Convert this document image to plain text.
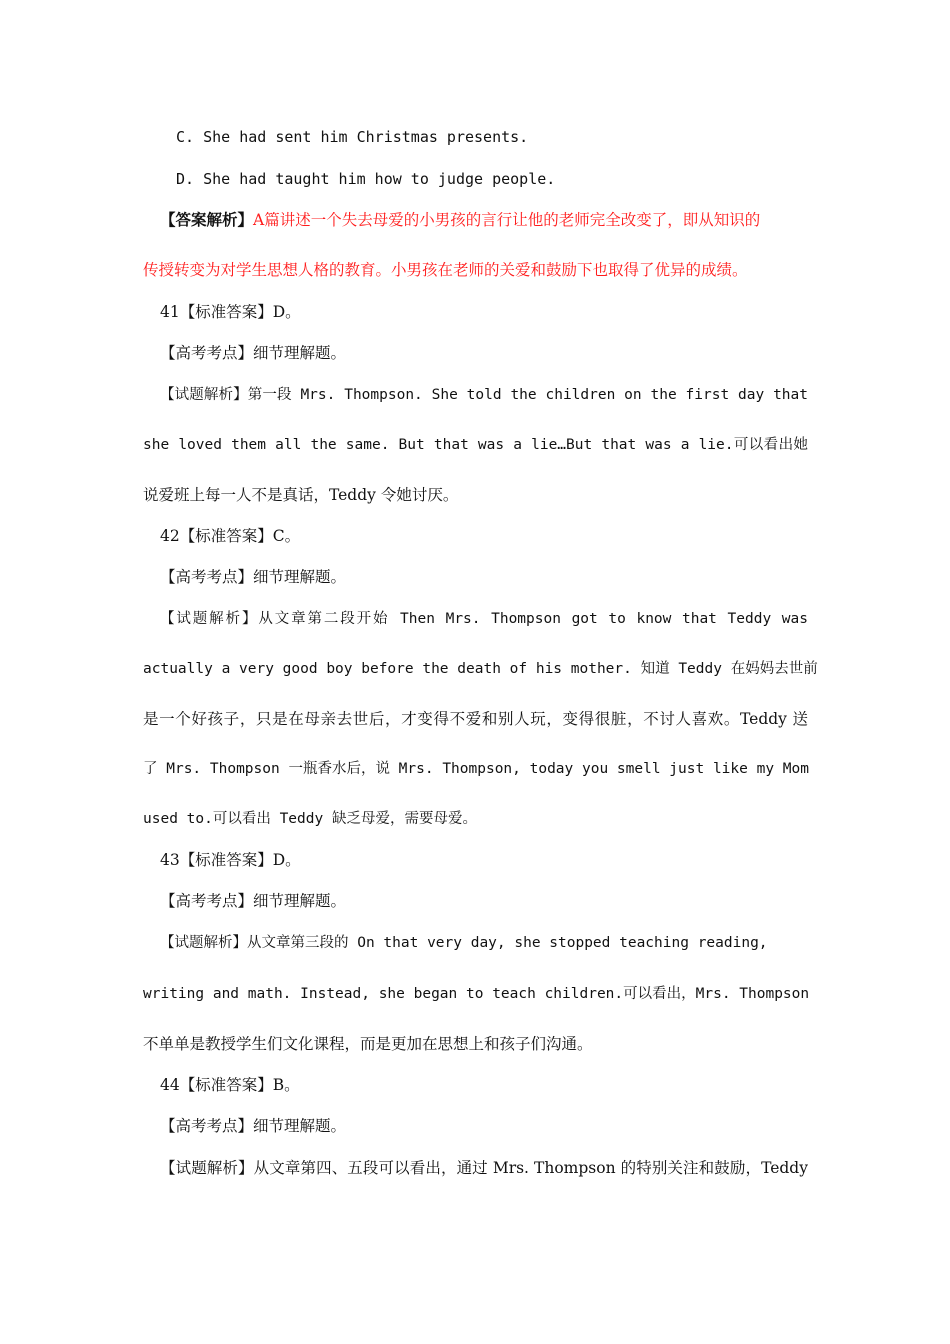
C. She had sent him Christmas presents.
D. She had taught him how to judge people.
【答案解析】A篇讲述一个失去母爱的小男孩的言行让他的老师完全改变了，即从知识的
传授转变为对学生思想人格的教育。小男孩在老师的关爱和鼓励下也取得了优异的成绩。
41【标准答案】D。
【高考考点】细节理解题。
【试题解析】第一段 Mrs. Thompson. She told the children on the first day that
she loved them all the same. But that was a lie…But that was a lie.可以看出她
说爱班上每一人不是真话，Teddy 令她讨厌。
42【标准答案】C。
【高考考点】细节理解题。
【试题解析】从文章第二段开始 Then Mrs. Thompson got to know that Teddy was
actually a very good boy before the death of his mother. 知道 Teddy 在妈妈去世前
是一个好孩子，只是在母亲去世后，才变得不爱和别人玩，变得很脏，不讨人喜欢。Teddy 送
了 Mrs. Thompson 一瓶香水后，说 Mrs. Thompson, today you smell just like my Mom
used to.可以看出 Teddy 缺乏母爱，需要母爱。
43【标准答案】D。
【高考考点】细节理解题。
【试题解析】从文章第三段的 On that very day, she stopped teaching reading,
writing and math. Instead, she began to teach children.可以看出，Mrs. Thompson
不单单是教授学生们文化课程，而是更加在思想上和孩子们沟通。
44【标准答案】B。
【高考考点】细节理解题。
【试题解析】从文章第四、五段可以看出，通过 Mrs. Thompson 的特别关注和鼓励，Teddy
